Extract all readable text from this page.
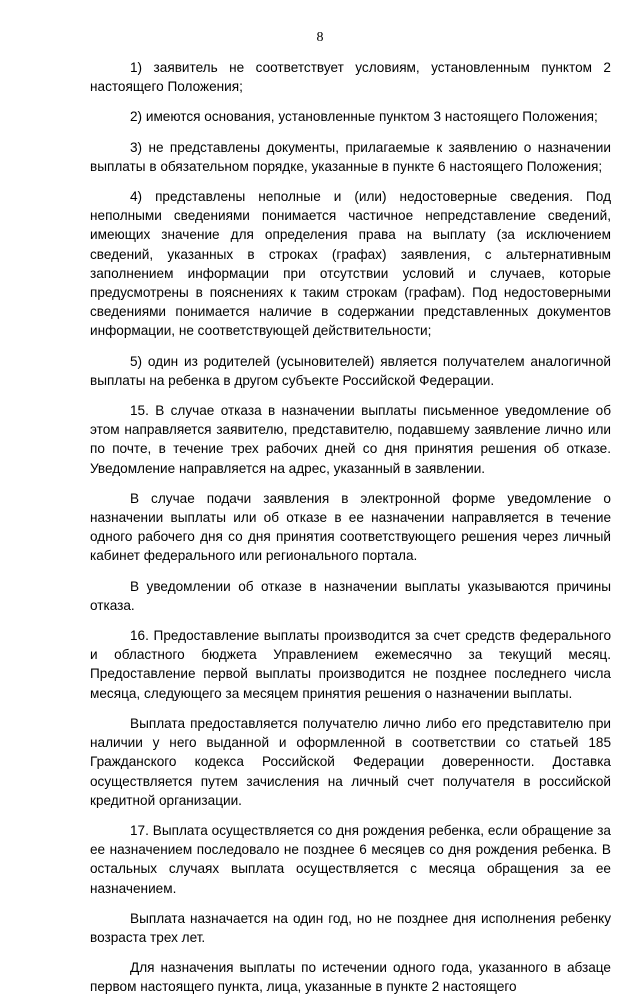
8

1) заявитель не соответствует условиям, установленным пунктом 2 настоящего Положения;

2) имеются основания, установленные пунктом 3 настоящего Положения;

3) не представлены документы, прилагаемые к заявлению о назначении выплаты в обязательном порядке, указанные в пункте 6 настоящего Положения;

4) представлены неполные и (или) недостоверные сведения. Под неполными сведениями понимается частичное непредставление сведений, имеющих значение для определения права на выплату (за исключением сведений, указанных в строках (графах) заявления, с альтернативным заполнением информации при отсутствии условий и случаев, которые предусмотрены в пояснениях к таким строкам (графам). Под недостоверными сведениями понимается наличие в содержании представленных документов информации, не соответствующей действительности;

5) один из родителей (усыновителей) является получателем аналогичной выплаты на ребенка в другом субъекте Российской Федерации.

15. В случае отказа в назначении выплаты письменное уведомление об этом направляется заявителю, представителю, подавшему заявление лично или по почте, в течение трех рабочих дней со дня принятия решения об отказе. Уведомление направляется на адрес, указанный в заявлении.

В случае подачи заявления в электронной форме уведомление о назначении выплаты или об отказе в ее назначении направляется в течение одного рабочего дня со дня принятия соответствующего решения через личный кабинет федерального или регионального портала.

В уведомлении об отказе в назначении выплаты указываются причины отказа.

16. Предоставление выплаты производится за счет средств федерального и областного бюджета Управлением ежемесячно за текущий месяц. Предоставление первой выплаты производится не позднее последнего числа месяца, следующего за месяцем принятия решения о назначении выплаты.

Выплата предоставляется получателю лично либо его представителю при наличии у него выданной и оформленной в соответствии со статьей 185 Гражданского кодекса Российской Федерации доверенности. Доставка осуществляется путем зачисления на личный счет получателя в российской кредитной организации.

17. Выплата осуществляется со дня рождения ребенка, если обращение за ее назначением последовало не позднее 6 месяцев со дня рождения ребенка. В остальных случаях выплата осуществляется с месяца обращения за ее назначением.

Выплата назначается на один год, но не позднее дня исполнения ребенку возраста трех лет.

Для назначения выплаты по истечении одного года, указанного в абзаце первом настоящего пункта, лица, указанные в пункте 2 настоящего
